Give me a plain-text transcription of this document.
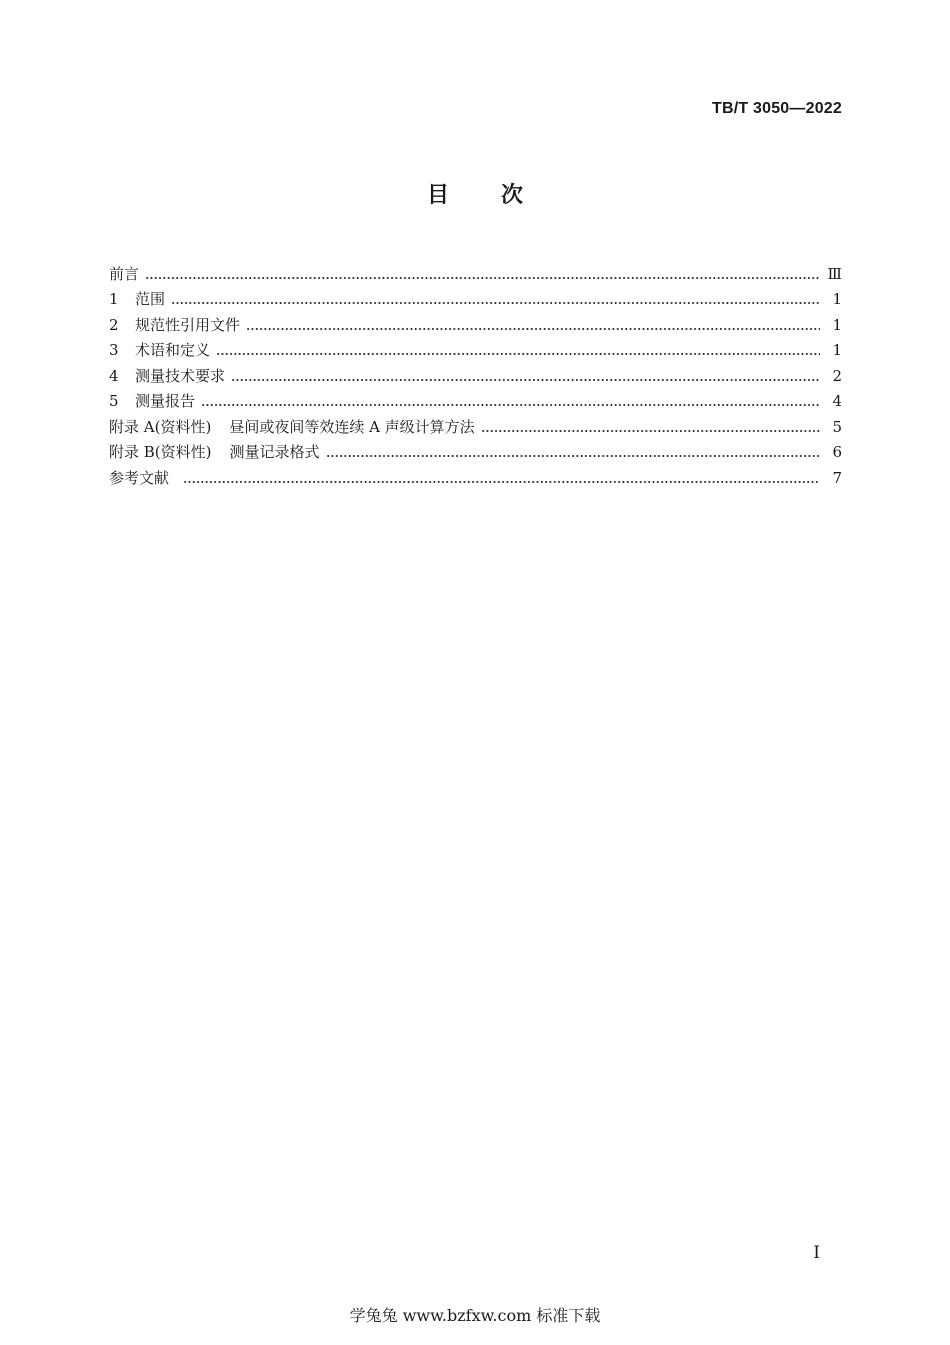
TB/T 3050—2022
目 次
前言	Ⅲ
1 范围	1
2 规范性引用文件	1
3 术语和定义	1
4 测量技术要求	2
5 测量报告	4
附录 A(资料性) 昼间或夜间等效连续 A 声级计算方法	5
附录 B(资料性) 测量记录格式	6
参考文献	7
I
学兔兔 www.bzfxw.com 标准下载
